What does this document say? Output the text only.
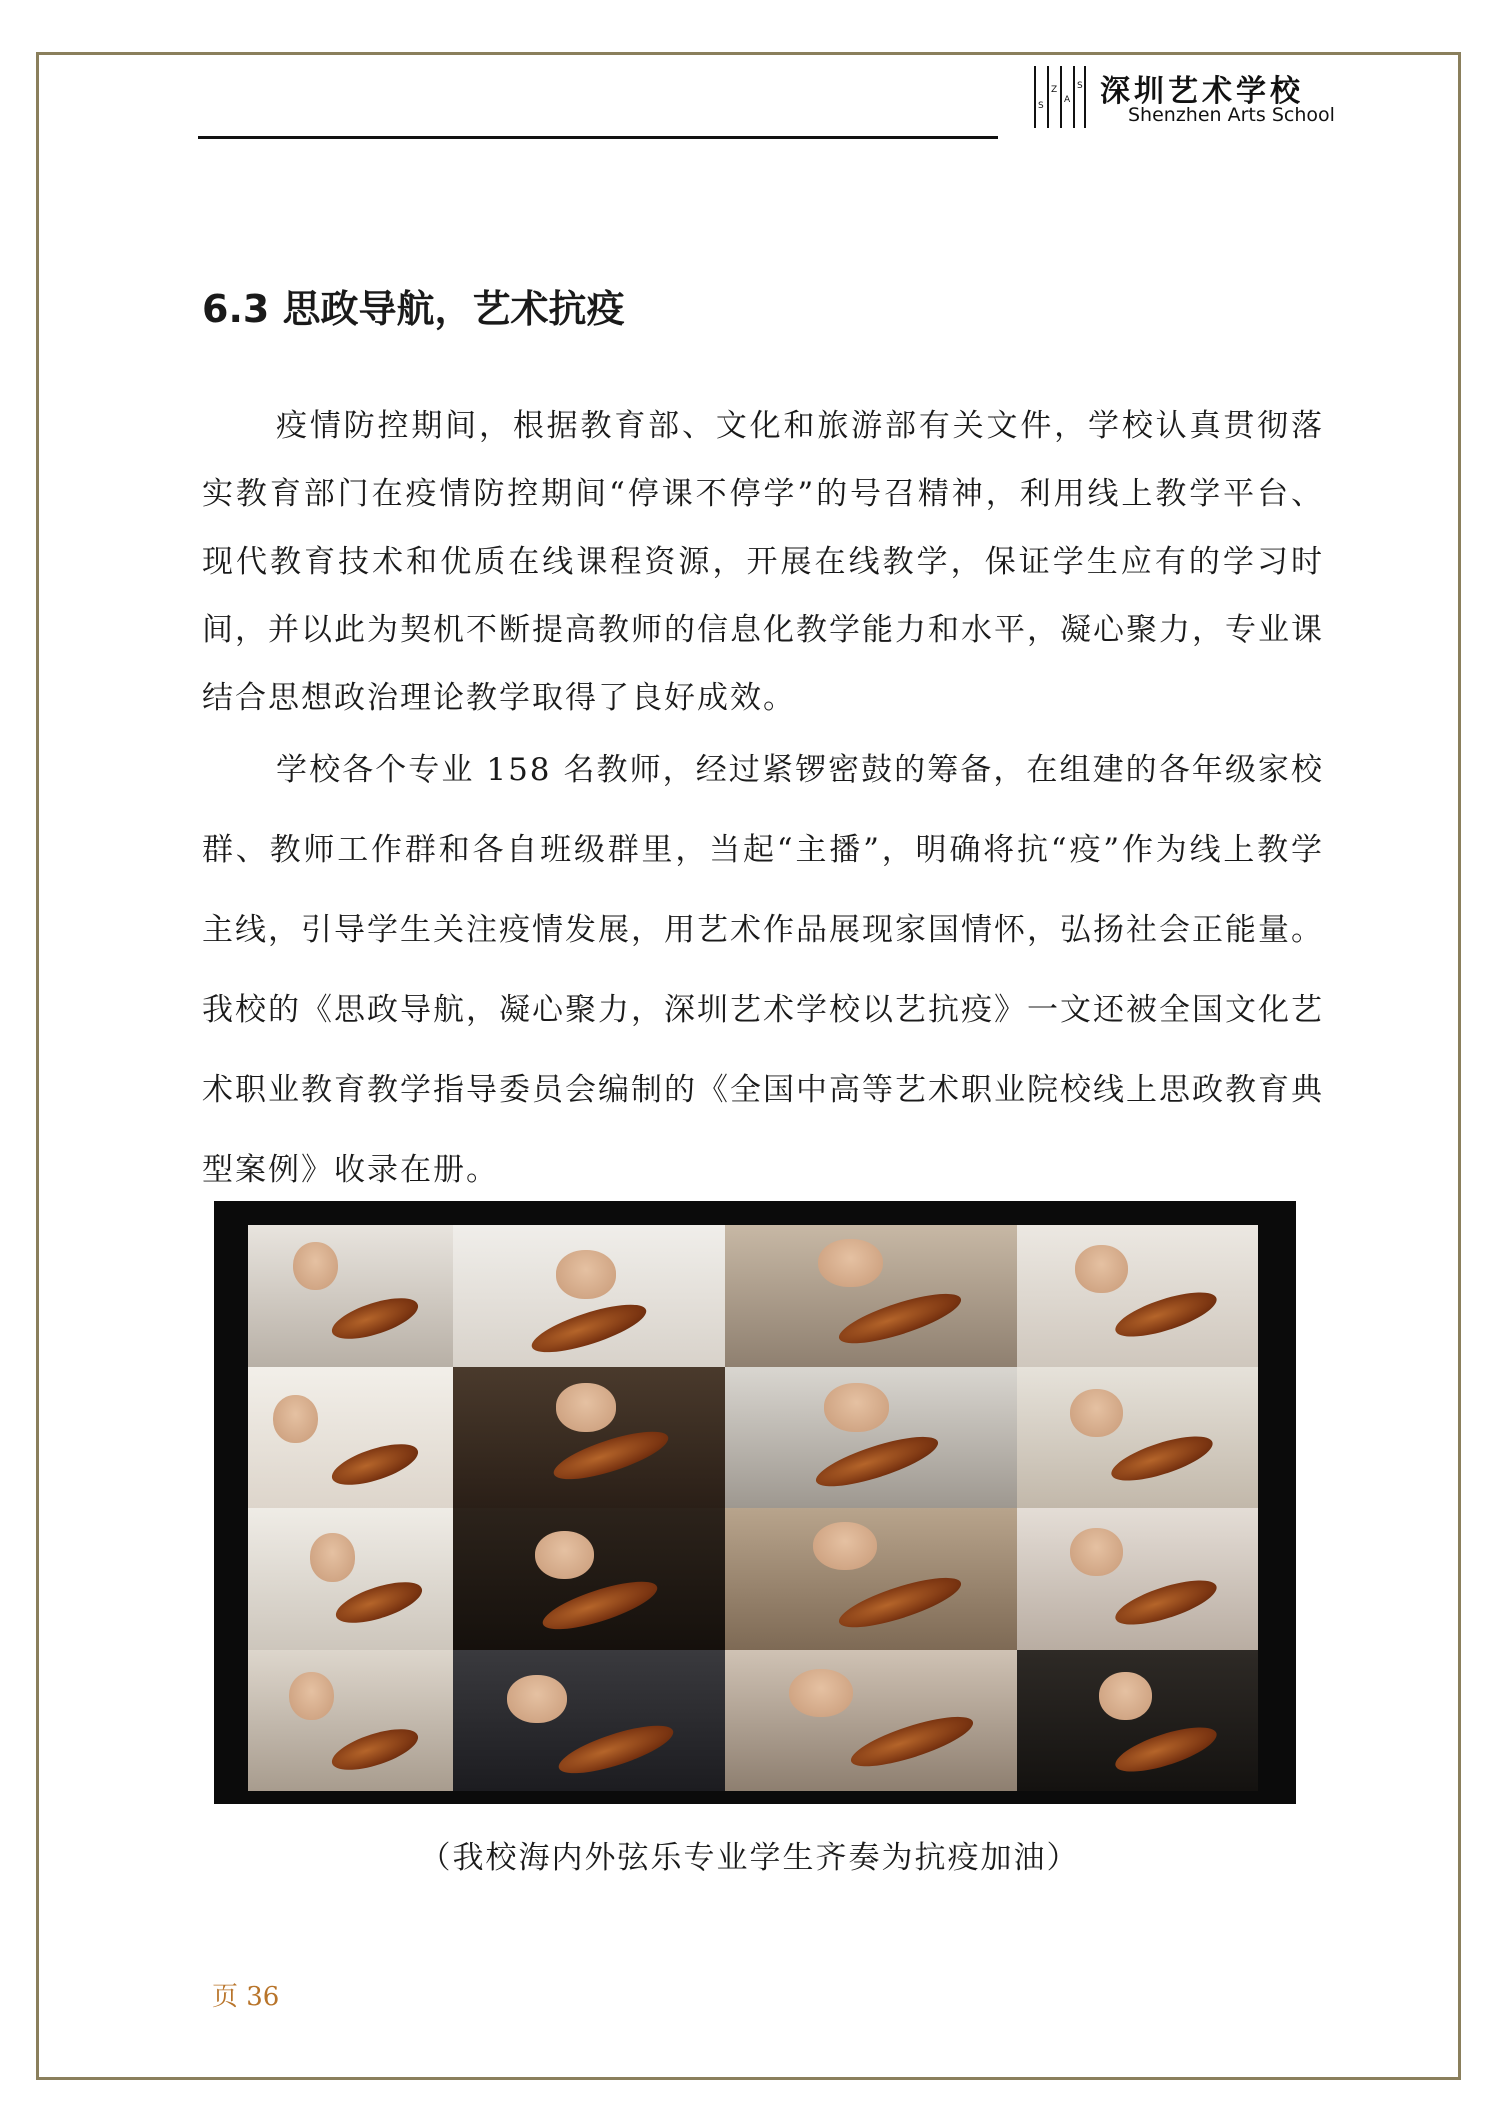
S
Z
A
S 深圳艺术学校
Shenzhen Arts School
6.3 思政导航，艺术抗疫

疫情防控期间，根据教育部、文化和旅游部有关文件，学校认真贯彻落实教育部门在疫情防控期间“停课不停学”的号召精神，利用线上教学平台、现代教育技术和优质在线课程资源，开展在线教学，保证学生应有的学习时间，并以此为契机不断提高教师的信息化教学能力和水平，凝心聚力，专业课结合思想政治理论教学取得了良好成效。

学校各个专业 158 名教师，经过紧锣密鼓的筹备，在组建的各年级家校群、教师工作群和各自班级群里，当起“主播”，明确将抗“疫”作为线上教学主线，引导学生关注疫情发展，用艺术作品展现家国情怀，弘扬社会正能量。我校的《思政导航，凝心聚力，深圳艺术学校以艺抗疫》一文还被全国文化艺术职业教育教学指导委员会编制的《全国中高等艺术职业院校线上思政教育典型案例》收录在册。

（我校海内外弦乐专业学生齐奏为抗疫加油）
页 36
